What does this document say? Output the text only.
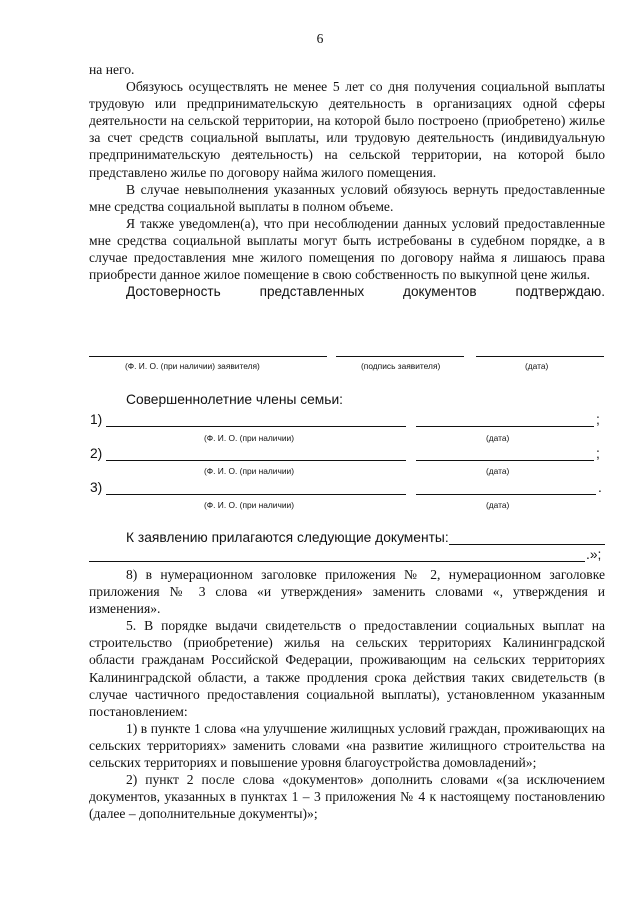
6

на него.

Обязуюсь осуществлять не менее 5 лет со дня получения социальной выплаты трудовую или предпринимательскую деятельность в организациях одной сферы деятельности на сельской территории, на которой было построено (приобретено) жилье за счет средств социальной выплаты, или трудовую деятельность (индивидуальную предпринимательскую деятельность) на сельской территории, на которой было представлено жилье по договору найма жилого помещения.

В случае невыполнения указанных условий обязуюсь вернуть предоставленные мне средства социальной выплаты в полном объеме.

Я также уведомлен(а), что при несоблюдении данных условий предоставленные мне средства социальной выплаты могут быть истребованы в судебном порядке, а в случае предоставления мне жилого помещения по договору найма я лишаюсь права приобрести данное жилое помещение в свою собственность по выкупной цене жилья.

Достоверность представленных документов подтверждаю.

(Ф. И. О. (при наличии) заявителя)	(подпись заявителя)	(дата)
Совершеннолетние члены семьи:
1)	;
(Ф. И. О. (при наличии)	(дата)
2)	;
(Ф. И. О. (при наличии)	(дата)
3)	.
(Ф. И. О. (при наличии)	(дата)
К заявлению прилагаются следующие документы:
.»;

8) в нумерационном заголовке приложения № 2, нумерационном заголовке приложения № 3 слова «и утверждения» заменить словами «, утверждения и изменения».

5. В порядке выдачи свидетельств о предоставлении социальных выплат на строительство (приобретение) жилья на сельских территориях Калининградской области гражданам Российской Федерации, проживающим на сельских территориях Калининградской области, а также продления срока действия таких свидетельств (в случае частичного предоставления социальной выплаты), установленном указанным постановлением:

1) в пункте 1 слова «на улучшение жилищных условий граждан, проживающих на сельских территориях» заменить словами «на развитие жилищного строительства на сельских территориях и повышение уровня благоустройства домовладений»;

2) пункт 2 после слова «документов» дополнить словами «(за исключением документов, указанных в пунктах 1 – 3 приложения № 4 к настоящему постановлению (далее – дополнительные документы)»;
